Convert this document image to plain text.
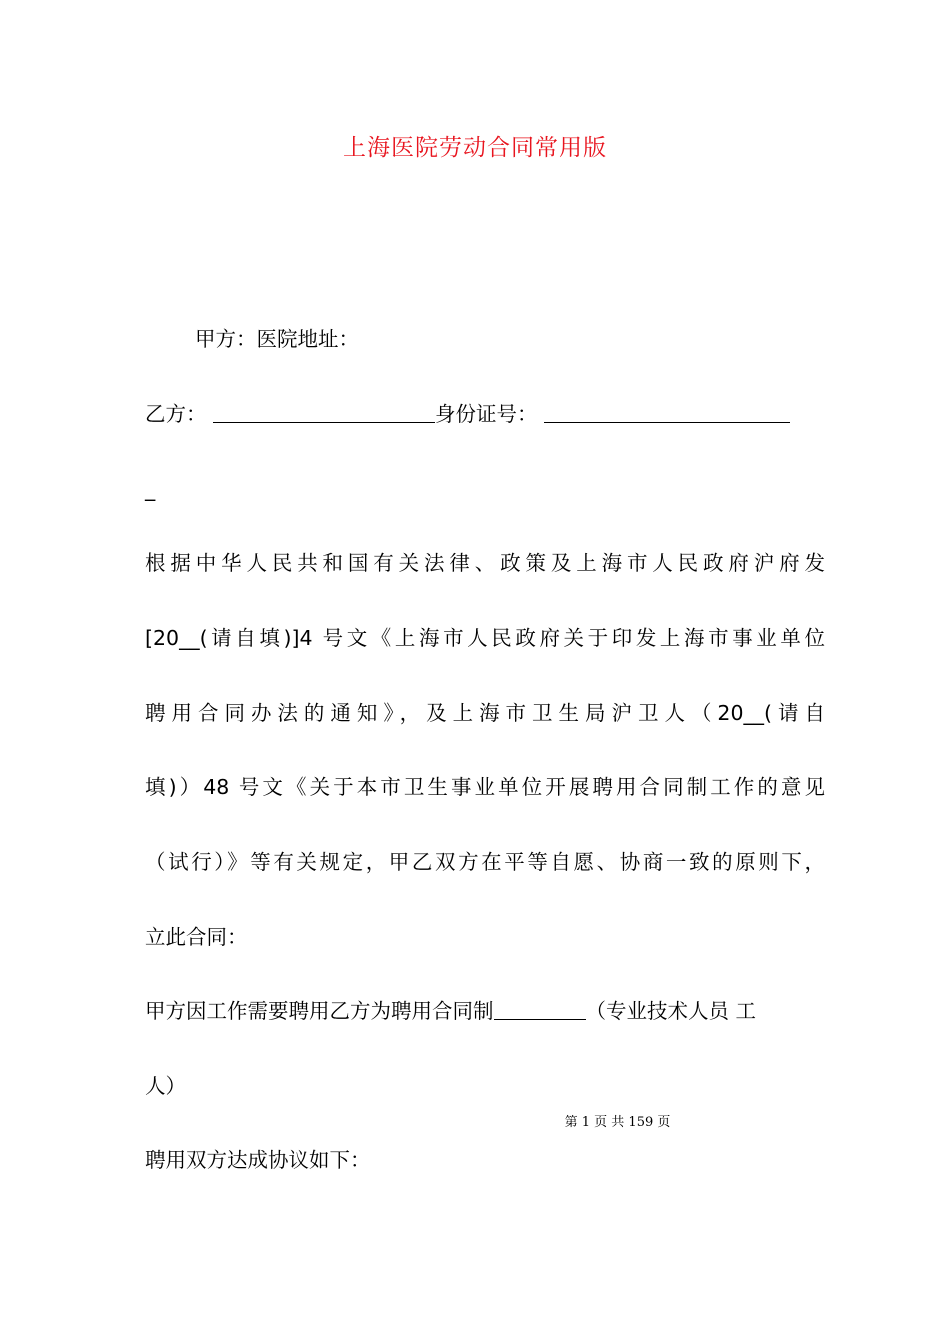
上海医院劳动合同常用版
甲方：医院地址：
乙方：	身份证号：
_
根据中华人民共和国有关法律、政策及上海市人民政府沪府发
[20__(请自填)]4 号文《上海市人民政府关于印发上海市事业单位
聘用合同办法的通知》，及上海市卫生局沪卫人（20__(请自
填)）48 号文《关于本市卫生事业单位开展聘用合同制工作的意见
（试行）》等有关规定，甲乙双方在平等自愿、协商一致的原则下，
立此合同：
甲方因工作需要聘用乙方为聘用合同制	（专业技术人员 工
人）
第 1 页 共 159 页
聘用双方达成协议如下：
